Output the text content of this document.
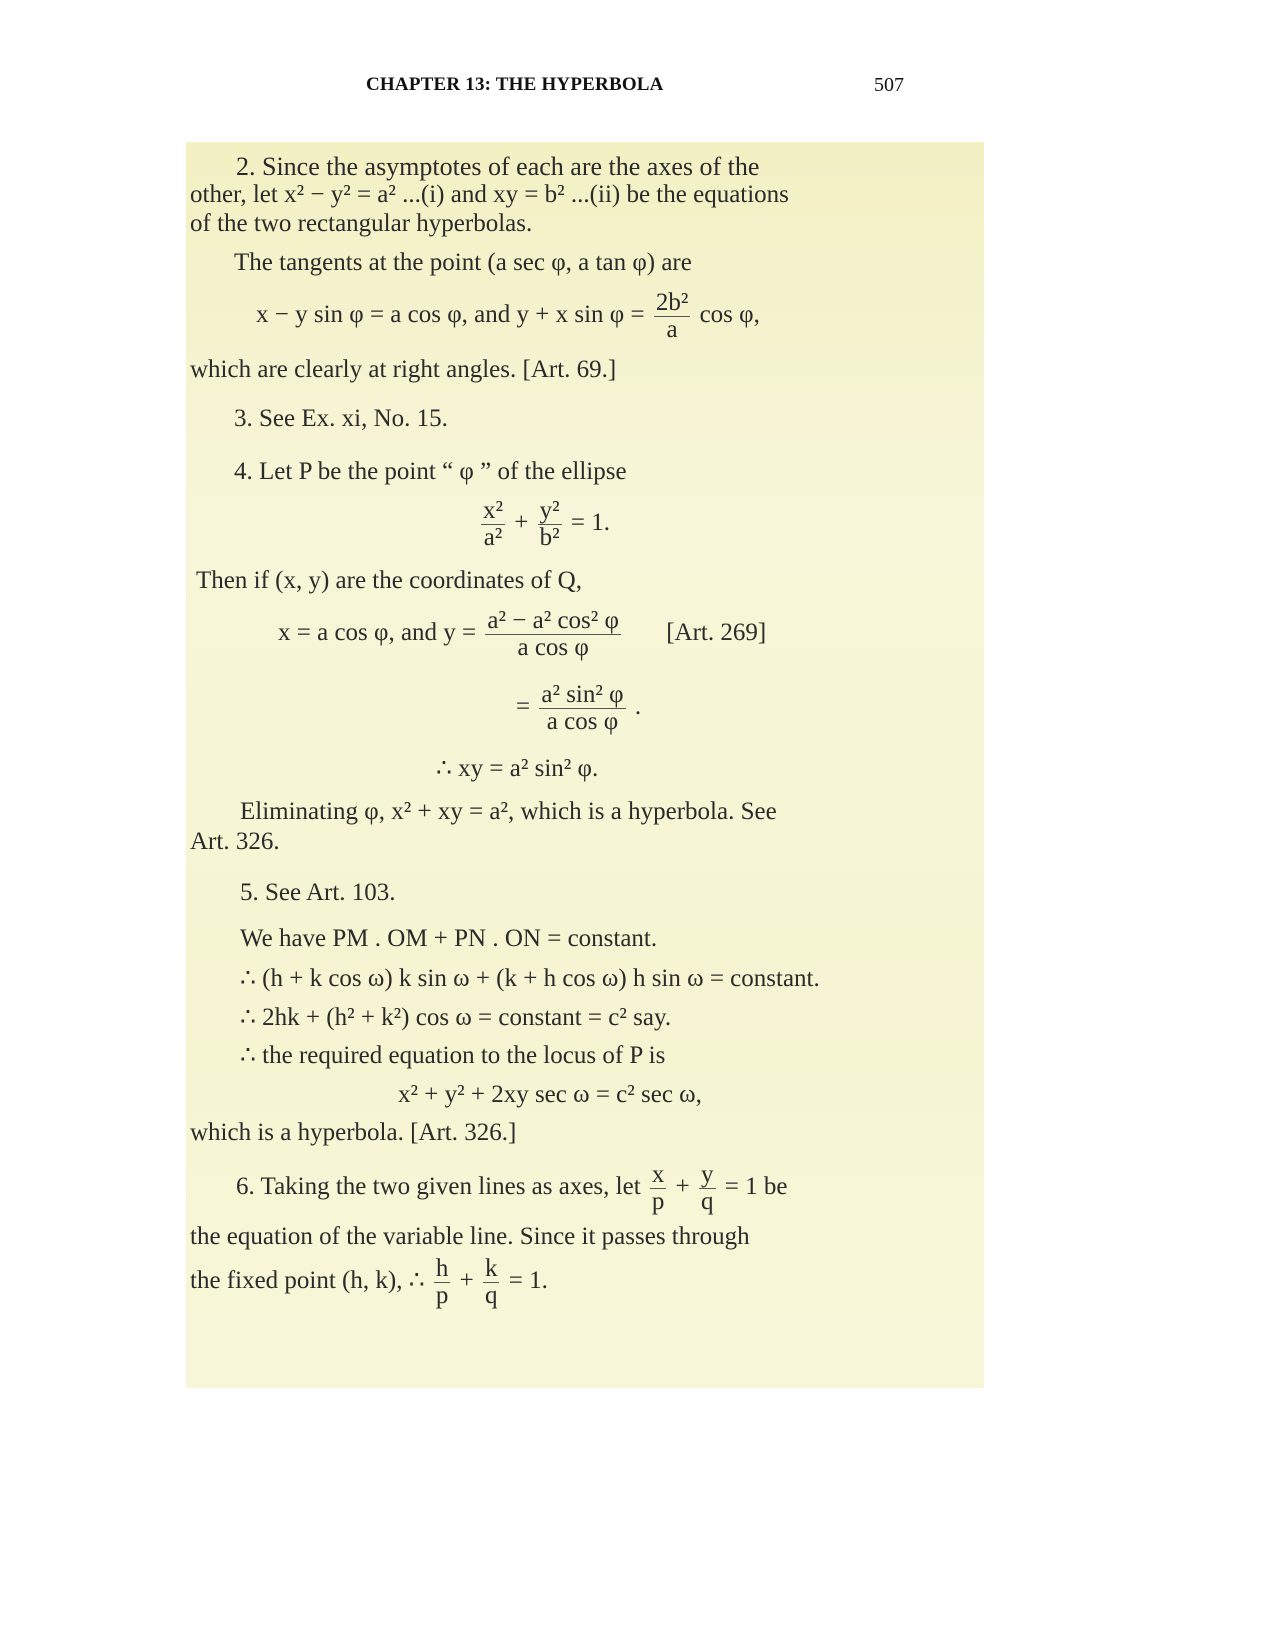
CHAPTER 13: THE HYPERBOLA	507
2. Since the asymptotes of each are the axes of the
other, let x² − y² = a² ...(i) and xy = b² ...(ii) be the equations
of the two rectangular hyperbolas.
The tangents at the point (a sec φ, a tan φ) are
x − y sin φ = a cos φ, and y + x $\sin \varphi = \frac{\text{2b²}}{a}$ cos φ,
which are clearly at right angles. [Art. 69.]
3. See Ex. xi, No. 15.
4. Let P be the point “ φ ” of the ellipse
$\frac{\text{x²}}{\text{a²}} + \frac{\text{y²}}{\text{b²}} = 1$.
Then if (x, y) are the coordinates of Q,
x = a cos φ, and $y = \frac{\text{a² − a² cos² φ}}{\text{a cos φ}} [Art$. 269]
= $\frac{\text{a² sin² φ}}{\text{a cos φ}}$ .
∴ xy = a² sin² φ.
Eliminating φ, x² + xy = a², which is a hyperbola. See
Art. 326.
5. See Art. 103.
We have PM . OM + PN . ON = constant.
∴ (h + k cos ω) k sin ω + (k + h cos ω) h sin ω = constant.
∴ 2hk + (h² + k²) cos ω = constant = c² say.
∴ the required equation to the locus of P is
x² + y² + 2xy sec ω = c² sec ω,
which is a hyperbola. [Art. 326.]
6. Taking the two given lines as axes, let $\frac{x}{p} + \frac{y}{q} = 1$ be
the equation of the variable line. Since it passes through
the fixed point (h, k), ∴ $\frac{h}{p} + \frac{k}{q} = 1$.
